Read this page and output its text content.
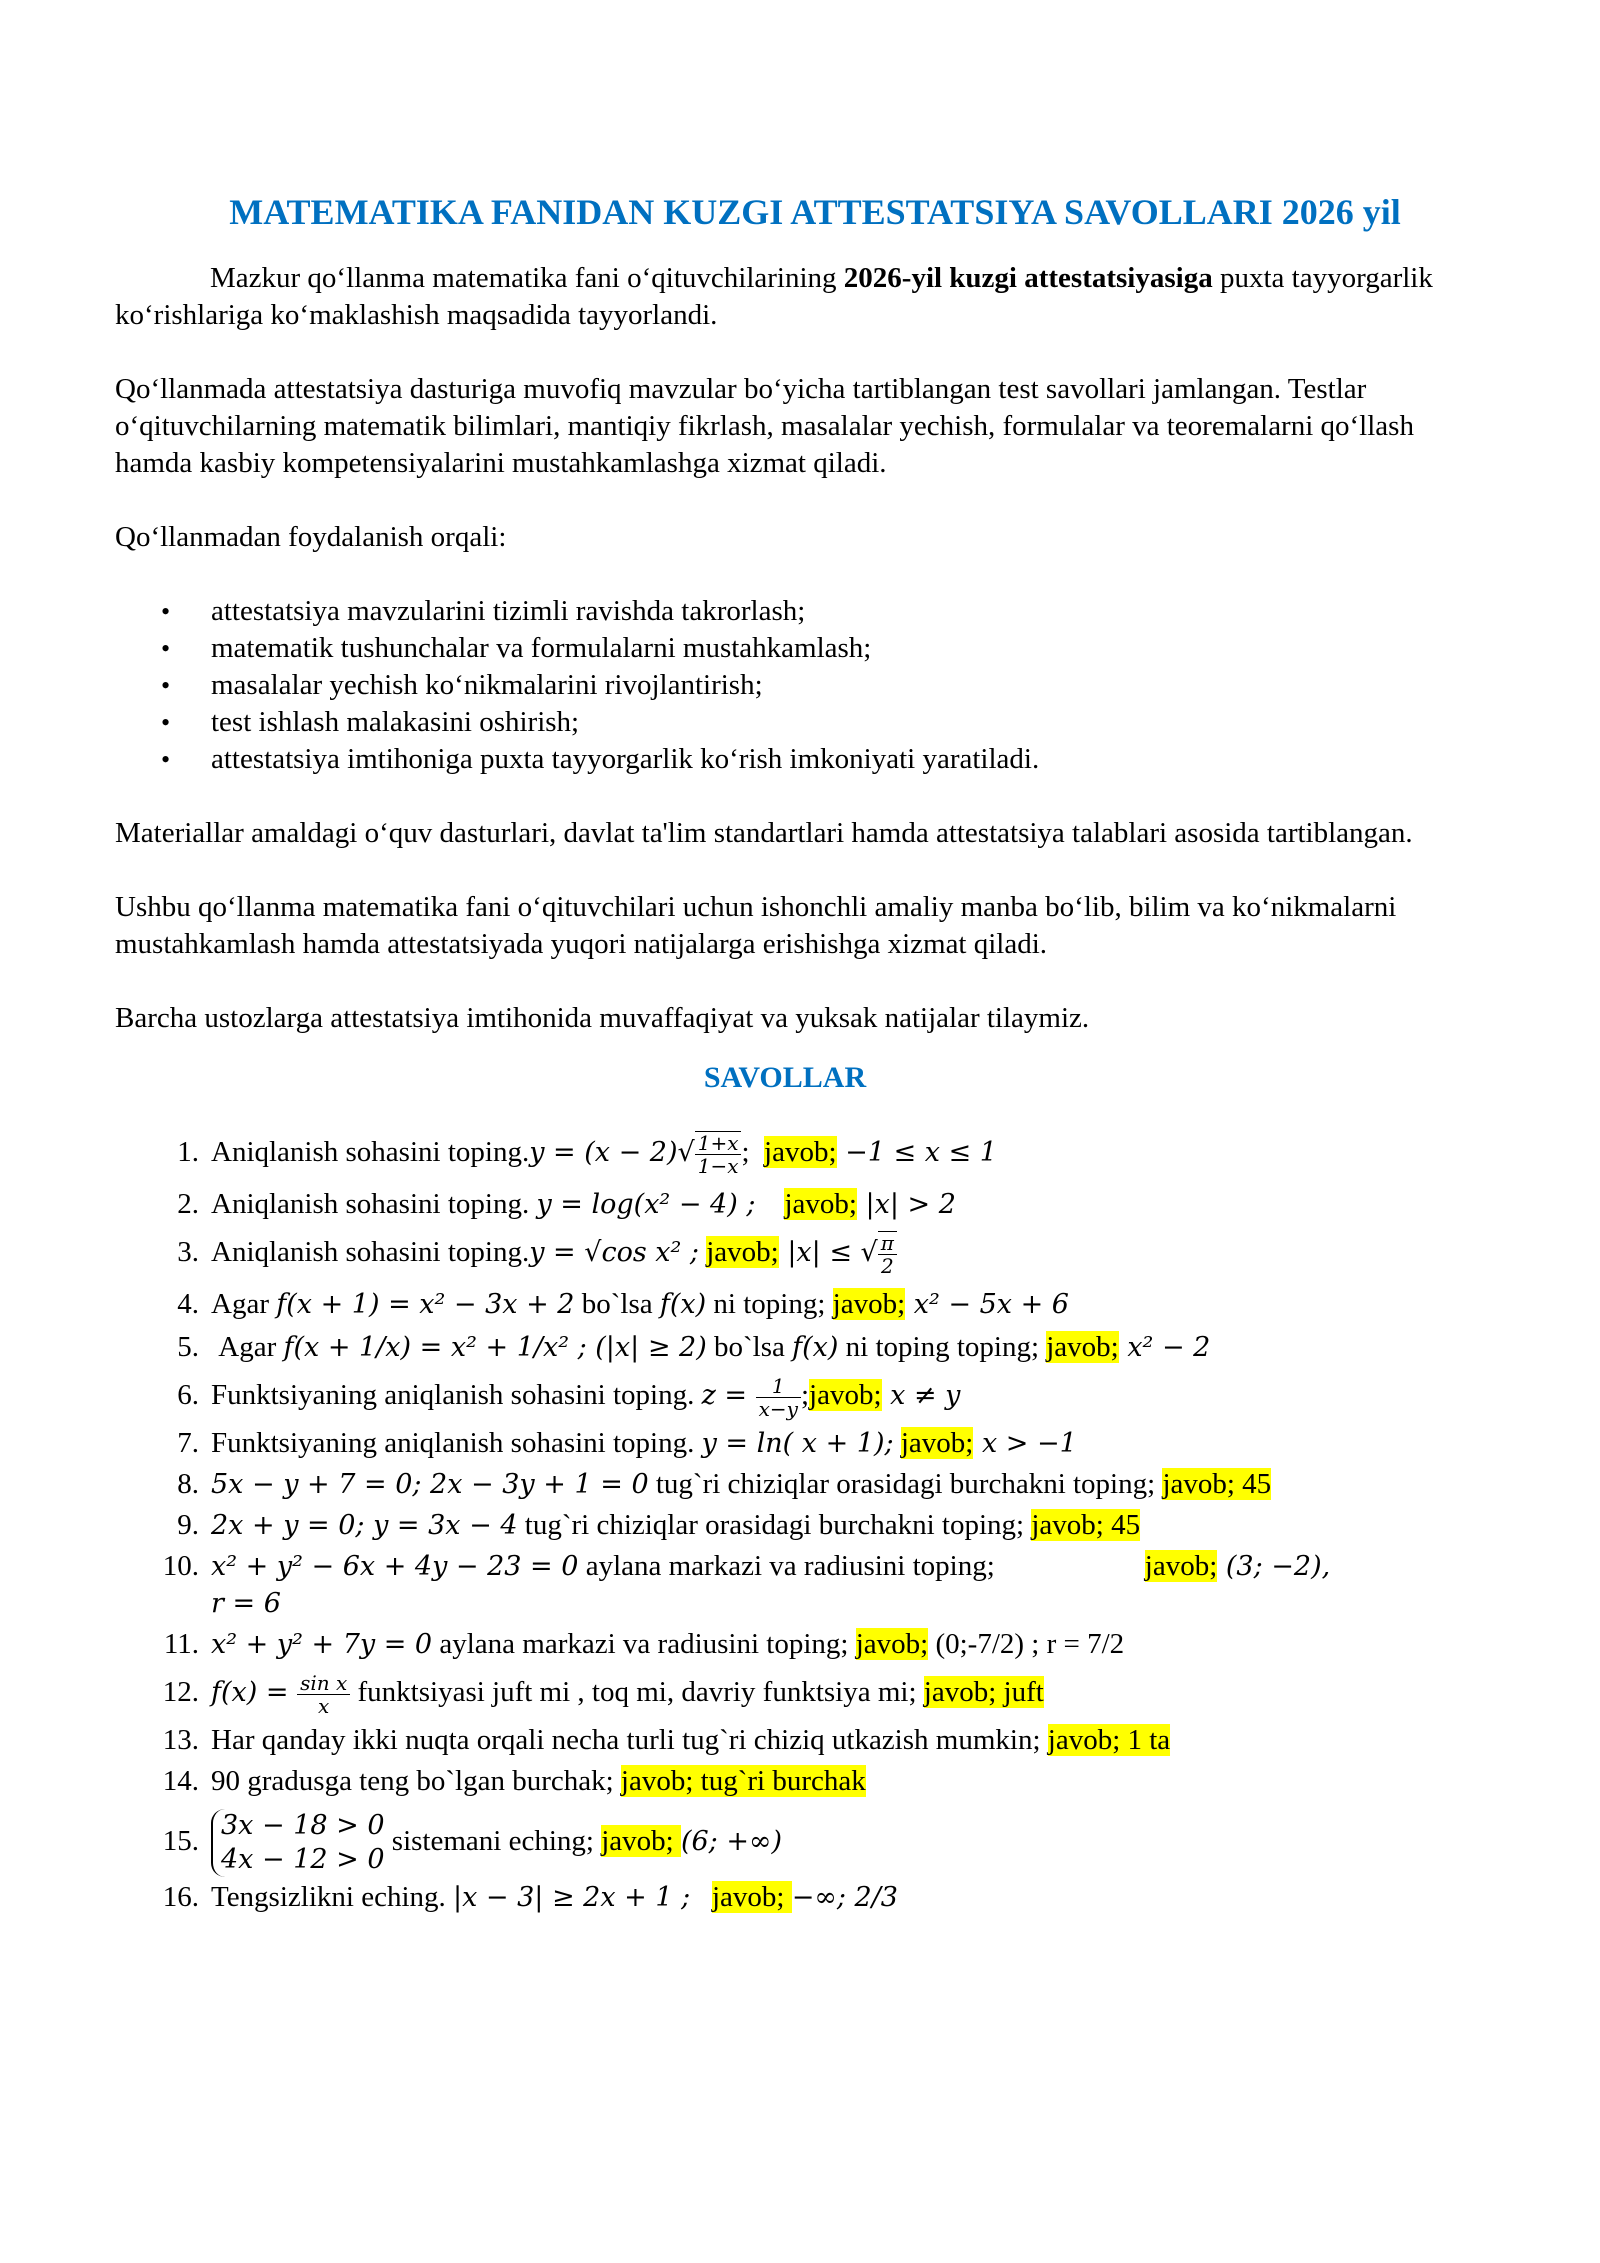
MATEMATIKA FANIDAN KUZGI ATTESTATSIYA SAVOLLARI 2026 yil

Mazkur qo‘llanma matematika fani o‘qituvchilarining 2026-yil kuzgi attestatsiyasiga puxta tayyorgarlik ko‘rishlariga ko‘maklashish maqsadida tayyorlandi.

Qo‘llanmada attestatsiya dasturiga muvofiq mavzular bo‘yicha tartiblangan test savollari jamlangan. Testlar o‘qituvchilarning matematik bilimlari, mantiqiy fikrlash, masalalar yechish, formulalar va teoremalarni qo‘llash hamda kasbiy kompetensiyalarini mustahkamlashga xizmat qiladi.

Qo‘llanmadan foydalanish orqali:

• attestatsiya mavzularini tizimli ravishda takrorlash;
• matematik tushunchalar va formulalarni mustahkamlash;
• masalalar yechish ko‘nikmalarini rivojlantirish;
• test ishlash malakasini oshirish;
• attestatsiya imtihoniga puxta tayyorgarlik ko‘rish imkoniyati yaratiladi.

Materiallar amaldagi o‘quv dasturlari, davlat ta'lim standartlari hamda attestatsiya talablari asosida tartiblangan.

Ushbu qo‘llanma matematika fani o‘qituvchilari uchun ishonchli amaliy manba bo‘lib, bilim va ko‘nikmalarni mustahkamlash hamda attestatsiyada yuqori natijalarga erishishga xizmat qiladi.

Barcha ustozlarga attestatsiya imtihonida muvaffaqiyat va yuksak natijalar tilaymiz.

SAVOLLAR
1. Aniqlanish sohasini toping.y = $(x - 2)√ \frac{1+x}{1-x}$ ; javob; −1 ≤ x ≤ 1
2. Aniqlanish sohasini toping. y = log(x² − 4) ; javob; |x| > 2
3. Aniqlanish sohasini toping.y = √cos x² ; javob; |x| ≤ √ $\frac{\pi}{2}$
4. Agar f(x + 1) = x² − 3x + 2 bo`lsa f(x) ni toping; javob; x² − 5x + 6
5. Agar f(x + 1/x) = x² + 1/x² ; (|x| ≥ 2) bo`lsa f(x) ni toping toping; javob; x² − 2
6. Funktsiyaning aniqlanish sohasini toping. $z = \frac{1}{x-y}$ ;javob; x ≠ y
7. Funktsiyaning aniqlanish sohasini toping. y = ln( x + 1); javob; x > −1
8. 5x − y + 7 = 0; 2x − 3y + 1 = 0 tug`ri chiziqlar orasidagi burchakni toping; javob; 45
9. 2x + y = 0; y = 3x − 4 tug`ri chiziqlar orasidagi burchakni toping; javob; 45
10. x² + y² − 6x + 4y − 23 = 0 aylana markazi va radiusini toping;	javob; (3; −2),
r = 6
11. x² + y² + 7y = 0 aylana markazi va radiusini toping; javob; (0;-7/2) ; r = 7/2
12. $f(x) = \frac{\text{sin x}}{x}$ funktsiyasi juft mi , toq mi, davriy funktsiya mi; javob; juft
13. Har qanday ikki nuqta orqali necha turli tug`ri chiziq utkazish mumkin; javob; 1 ta
14. 90 gradusga teng bo`lgan burchak; javob; tug`ri burchak
15. 3x − 18 > 0
4x − 12 > 0 sistemani eching; javob; (6; +∞)
16. Tengsizlikni eching. |x − 3| ≥ 2x + 1 ; javob; −∞; 2/3
